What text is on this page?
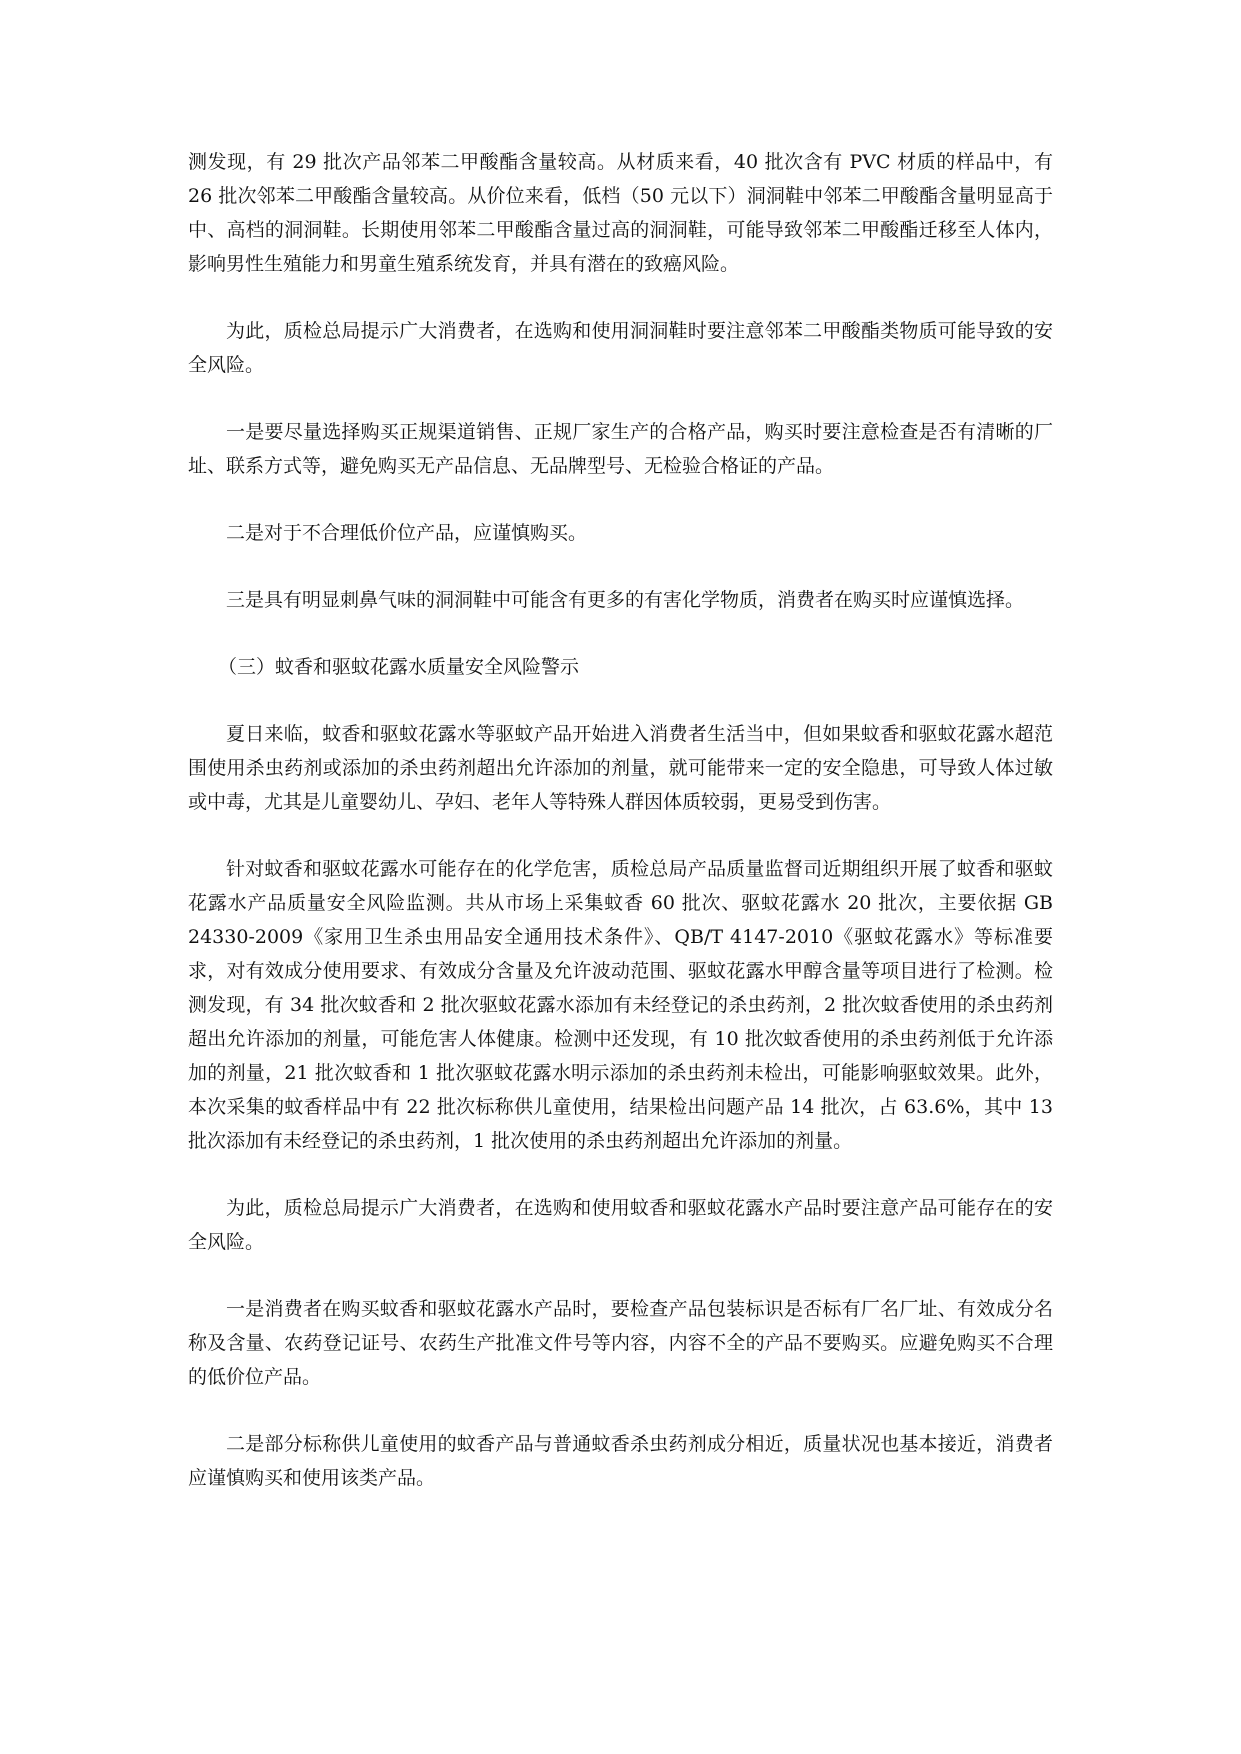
测发现，有 29 批次产品邻苯二甲酸酯含量较高。从材质来看，40 批次含有 PVC 材质的样品中，有 26 批次邻苯二甲酸酯含量较高。从价位来看，低档（50 元以下）洞洞鞋中邻苯二甲酸酯含量明显高于中、高档的洞洞鞋。长期使用邻苯二甲酸酯含量过高的洞洞鞋，可能导致邻苯二甲酸酯迁移至人体内，影响男性生殖能力和男童生殖系统发育，并具有潜在的致癌风险。

为此，质检总局提示广大消费者，在选购和使用洞洞鞋时要注意邻苯二甲酸酯类物质可能导致的安全风险。

一是要尽量选择购买正规渠道销售、正规厂家生产的合格产品，购买时要注意检查是否有清晰的厂址、联系方式等，避免购买无产品信息、无品牌型号、无检验合格证的产品。

二是对于不合理低价位产品，应谨慎购买。

三是具有明显刺鼻气味的洞洞鞋中可能含有更多的有害化学物质，消费者在购买时应谨慎选择。

（三）蚊香和驱蚊花露水质量安全风险警示

夏日来临，蚊香和驱蚊花露水等驱蚊产品开始进入消费者生活当中，但如果蚊香和驱蚊花露水超范围使用杀虫药剂或添加的杀虫药剂超出允许添加的剂量，就可能带来一定的安全隐患，可导致人体过敏或中毒，尤其是儿童婴幼儿、孕妇、老年人等特殊人群因体质较弱，更易受到伤害。

针对蚊香和驱蚊花露水可能存在的化学危害，质检总局产品质量监督司近期组织开展了蚊香和驱蚊花露水产品质量安全风险监测。共从市场上采集蚊香 60 批次、驱蚊花露水 20 批次，主要依据 GB 24330-2009《家用卫生杀虫用品安全通用技术条件》、QB/T 4147-2010《驱蚊花露水》等标准要求，对有效成分使用要求、有效成分含量及允许波动范围、驱蚊花露水甲醇含量等项目进行了检测。检测发现，有 34 批次蚊香和 2 批次驱蚊花露水添加有未经登记的杀虫药剂，2 批次蚊香使用的杀虫药剂超出允许添加的剂量，可能危害人体健康。检测中还发现，有 10 批次蚊香使用的杀虫药剂低于允许添加的剂量，21 批次蚊香和 1 批次驱蚊花露水明示添加的杀虫药剂未检出，可能影响驱蚊效果。此外，本次采集的蚊香样品中有 22 批次标称供儿童使用，结果检出问题产品 14 批次，占 63.6%，其中 13 批次添加有未经登记的杀虫药剂，1 批次使用的杀虫药剂超出允许添加的剂量。

为此，质检总局提示广大消费者，在选购和使用蚊香和驱蚊花露水产品时要注意产品可能存在的安全风险。

一是消费者在购买蚊香和驱蚊花露水产品时，要检查产品包装标识是否标有厂名厂址、有效成分名称及含量、农药登记证号、农药生产批准文件号等内容，内容不全的产品不要购买。应避免购买不合理的低价位产品。

二是部分标称供儿童使用的蚊香产品与普通蚊香杀虫药剂成分相近，质量状况也基本接近，消费者应谨慎购买和使用该类产品。
